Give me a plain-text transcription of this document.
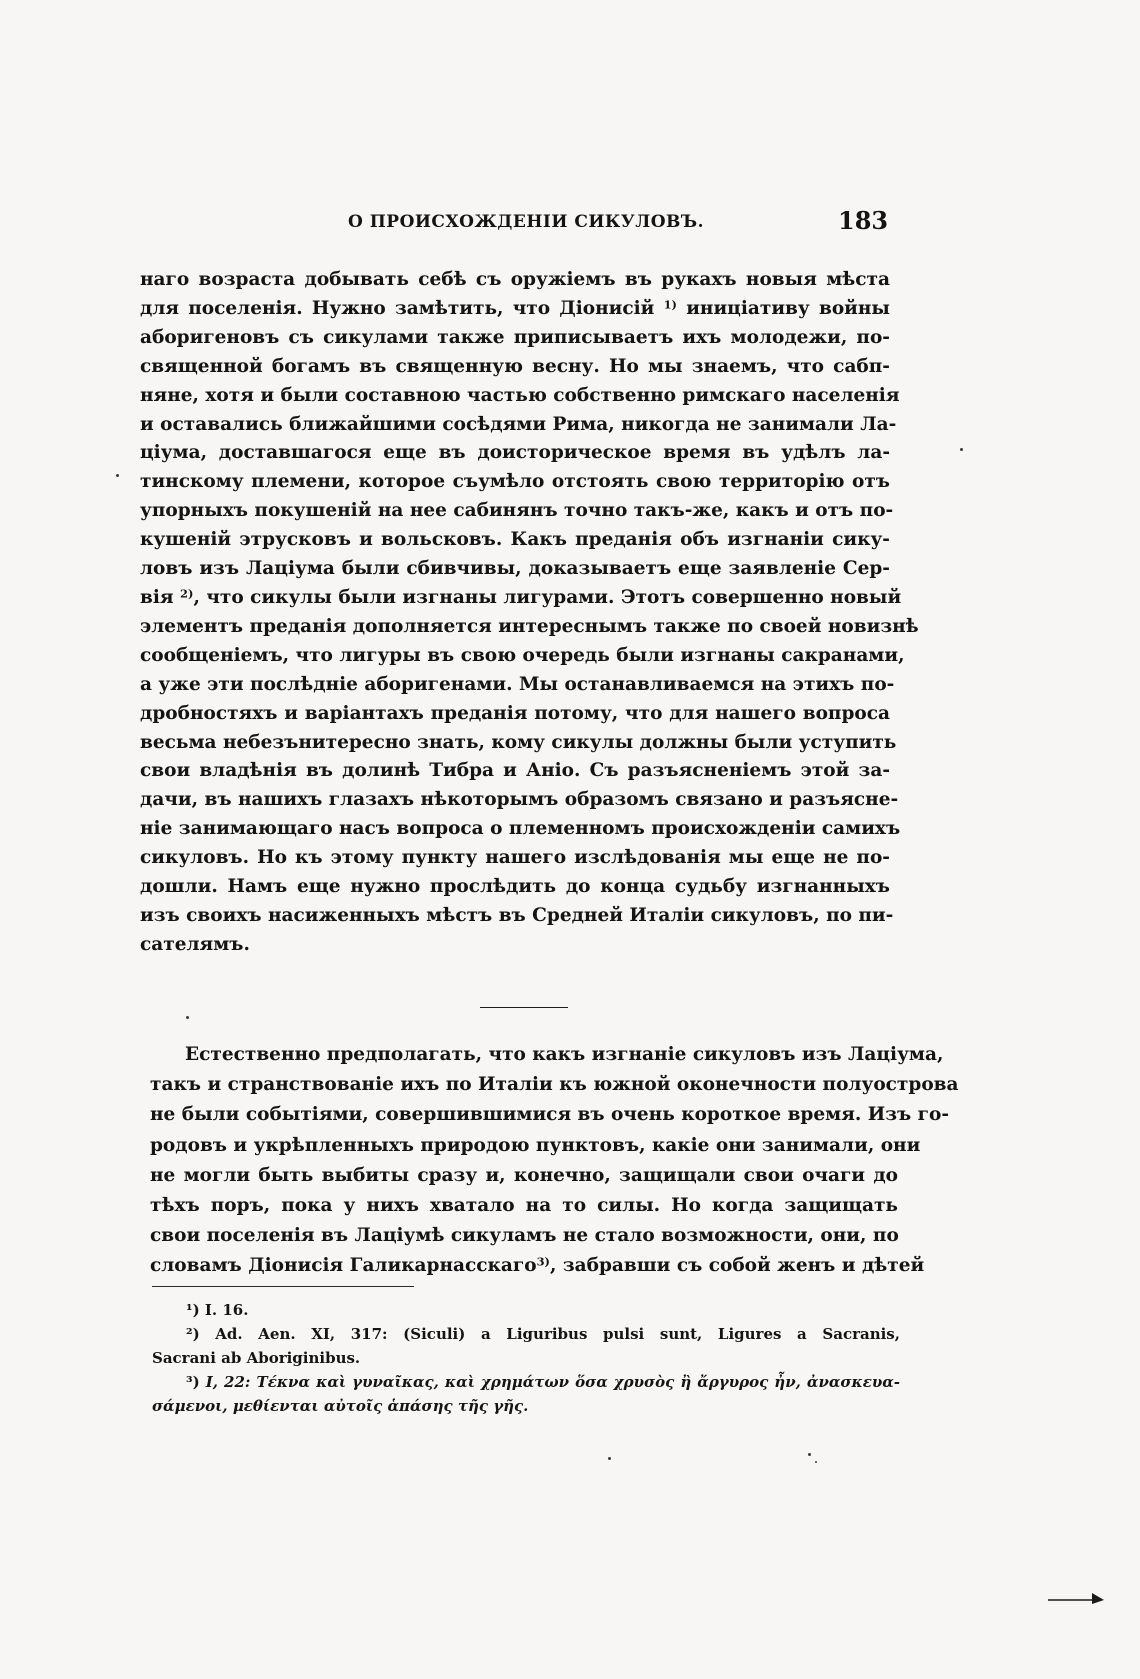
О ПРОИСХОЖДЕНІИ СИКУЛОВЪ.	183
наго возраста добывать себѣ съ оружіемъ въ рукахъ новыя мѣста
для поселенія. Нужно замѣтить, что Діонисій $^{1)}$ иниціативу войны
аборигеновъ съ сикулами также приписываетъ ихъ молодежи, по-
священной богамъ въ священную весну. Но мы знаемъ, что сабп-
няне, хотя и были составною частью собственно римскаго населенія
и оставались ближайшими сосѣдями Рима, никогда не занимали Ла-
ціума, доставшагося еще въ доисторическое время въ удѣлъ ла-
тинскому племени, которое съумѣло отстоять свою территорію отъ
упорныхъ покушеній на нее сабинянъ точно такъ-же, какъ и отъ по-
кушеній этрусковъ и вольсковъ. Какъ преданія объ изгнаніи сику-
ловъ изъ Лаціума были сбивчивы, доказываетъ еще заявленіе Сер-
вія $^{2)}$, что сикулы были изгнаны лигурами. Этотъ совершенно новый
элементъ преданія дополняется интереснымъ также по своей новизнѣ
сообщеніемъ, что лигуры въ свою очередь были изгнаны сакранами,
а уже эти послѣдніе аборигенами. Мы останавливаемся на этихъ по-
дробностяхъ и варіантахъ преданія потому, что для нашего вопроса
весьма небезънитересно знать, кому сикулы должны были уступить
свои владѣнія въ долинѣ Тибра и Аніо. Съ разъясненіемъ этой за-
дачи, въ нашихъ глазахъ нѣкоторымъ образомъ связано и разъясне-
ніе занимающаго насъ вопроса о племенномъ происхожденіи самихъ
сикуловъ. Но къ этому пункту нашего изслѣдованія мы еще не по-
дошли. Намъ еще нужно прослѣдить до конца судьбу изгнанныхъ
изъ своихъ насиженныхъ мѣстъ въ Средней Италіи сикуловъ, по пи-
сателямъ.
Естественно предполагать, что какъ изгнаніе сикуловъ изъ Лаціума,
такъ и странствованіе ихъ по Италіи къ южной оконечности полуострова
не были событіями, совершившимися въ очень короткое время. Изъ го-
родовъ и укрѣпленныхъ природою пунктовъ, какіе они занимали, они
не могли быть выбиты сразу и, конечно, защищали свои очаги до
тѣхъ поръ, пока у нихъ хватало на то силы. Но когда защищать
свои поселенія въ Лаціумѣ сикуламъ не стало возможности, они, по
словамъ Діонисія Галикарнасскаго$^{3)}$, забравши съ собой женъ и дѣтей
¹) I. 16.
²) Ad. Aen. XI, 317: (Siculi) a Liguribus pulsi sunt, Ligures a Sacranis,
Sacrani ab Aboriginibus.
³) I, 22: Τέκνα καὶ γυναῖκας, καὶ χρημάτων ὅσα χρυσὸς ἢ ἄργυρος ἦν, ἀνασκευα-
σάμενοι, μεθίενται αὐτοῖς ἁπάσης τῆς γῆς.
